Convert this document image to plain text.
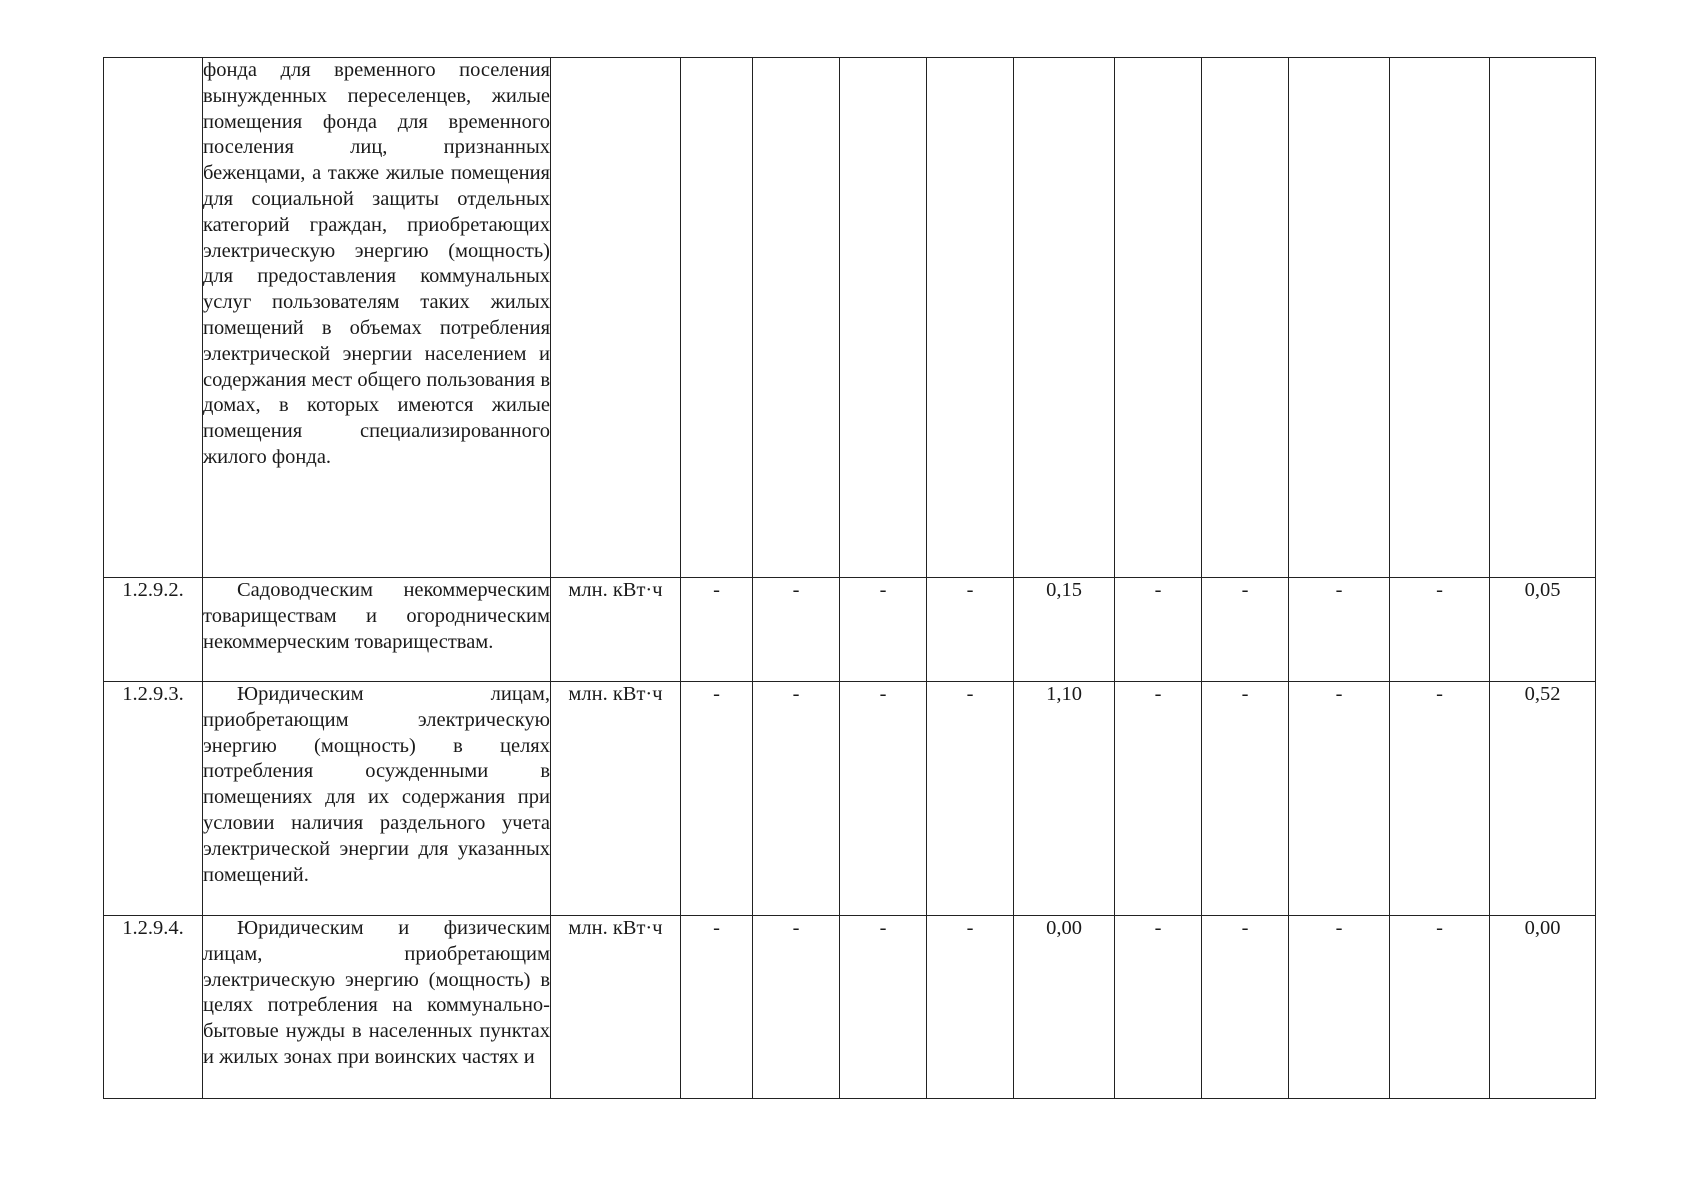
	фонда для временного поселения вынужденных переселенцев, жилые помещения фонда для временного поселения лиц, признанных беженцами, а также жилые помещения для социальной защиты отдельных категорий граждан, приобретающих электрическую энергию (мощность) для предоставления коммунальных услуг пользователям таких жилых помещений в объемах потребления электрической энергии населением и содержания мест общего пользования в домах, в которых имеются жилые помещения специализированного жилого фонда.											

1.2.9.2.	Садоводческим некоммерческим товариществам и огородническим некоммерческим товариществам.	млн. кВт·ч	-	-	-	-	0,15	-	-	-	-	0,05
1.2.9.3.	Юридическим лицам, приобретающим электрическую энергию (мощность) в целях потребления осужденными в помещениях для их содержания при условии наличия раздельного учета электрической энергии для указанных помещений.	млн. кВт·ч	-	-	-	-	1,10	-	-	-	-	0,52
1.2.9.4.	Юридическим и физическим лицам, приобретающим электрическую энергию (мощность) в целях потребления на коммунально-бытовые нужды в населенных пунктах и жилых зонах при воинских частях и	млн. кВт·ч	-	-	-	-	0,00	-	-	-	-	0,00
